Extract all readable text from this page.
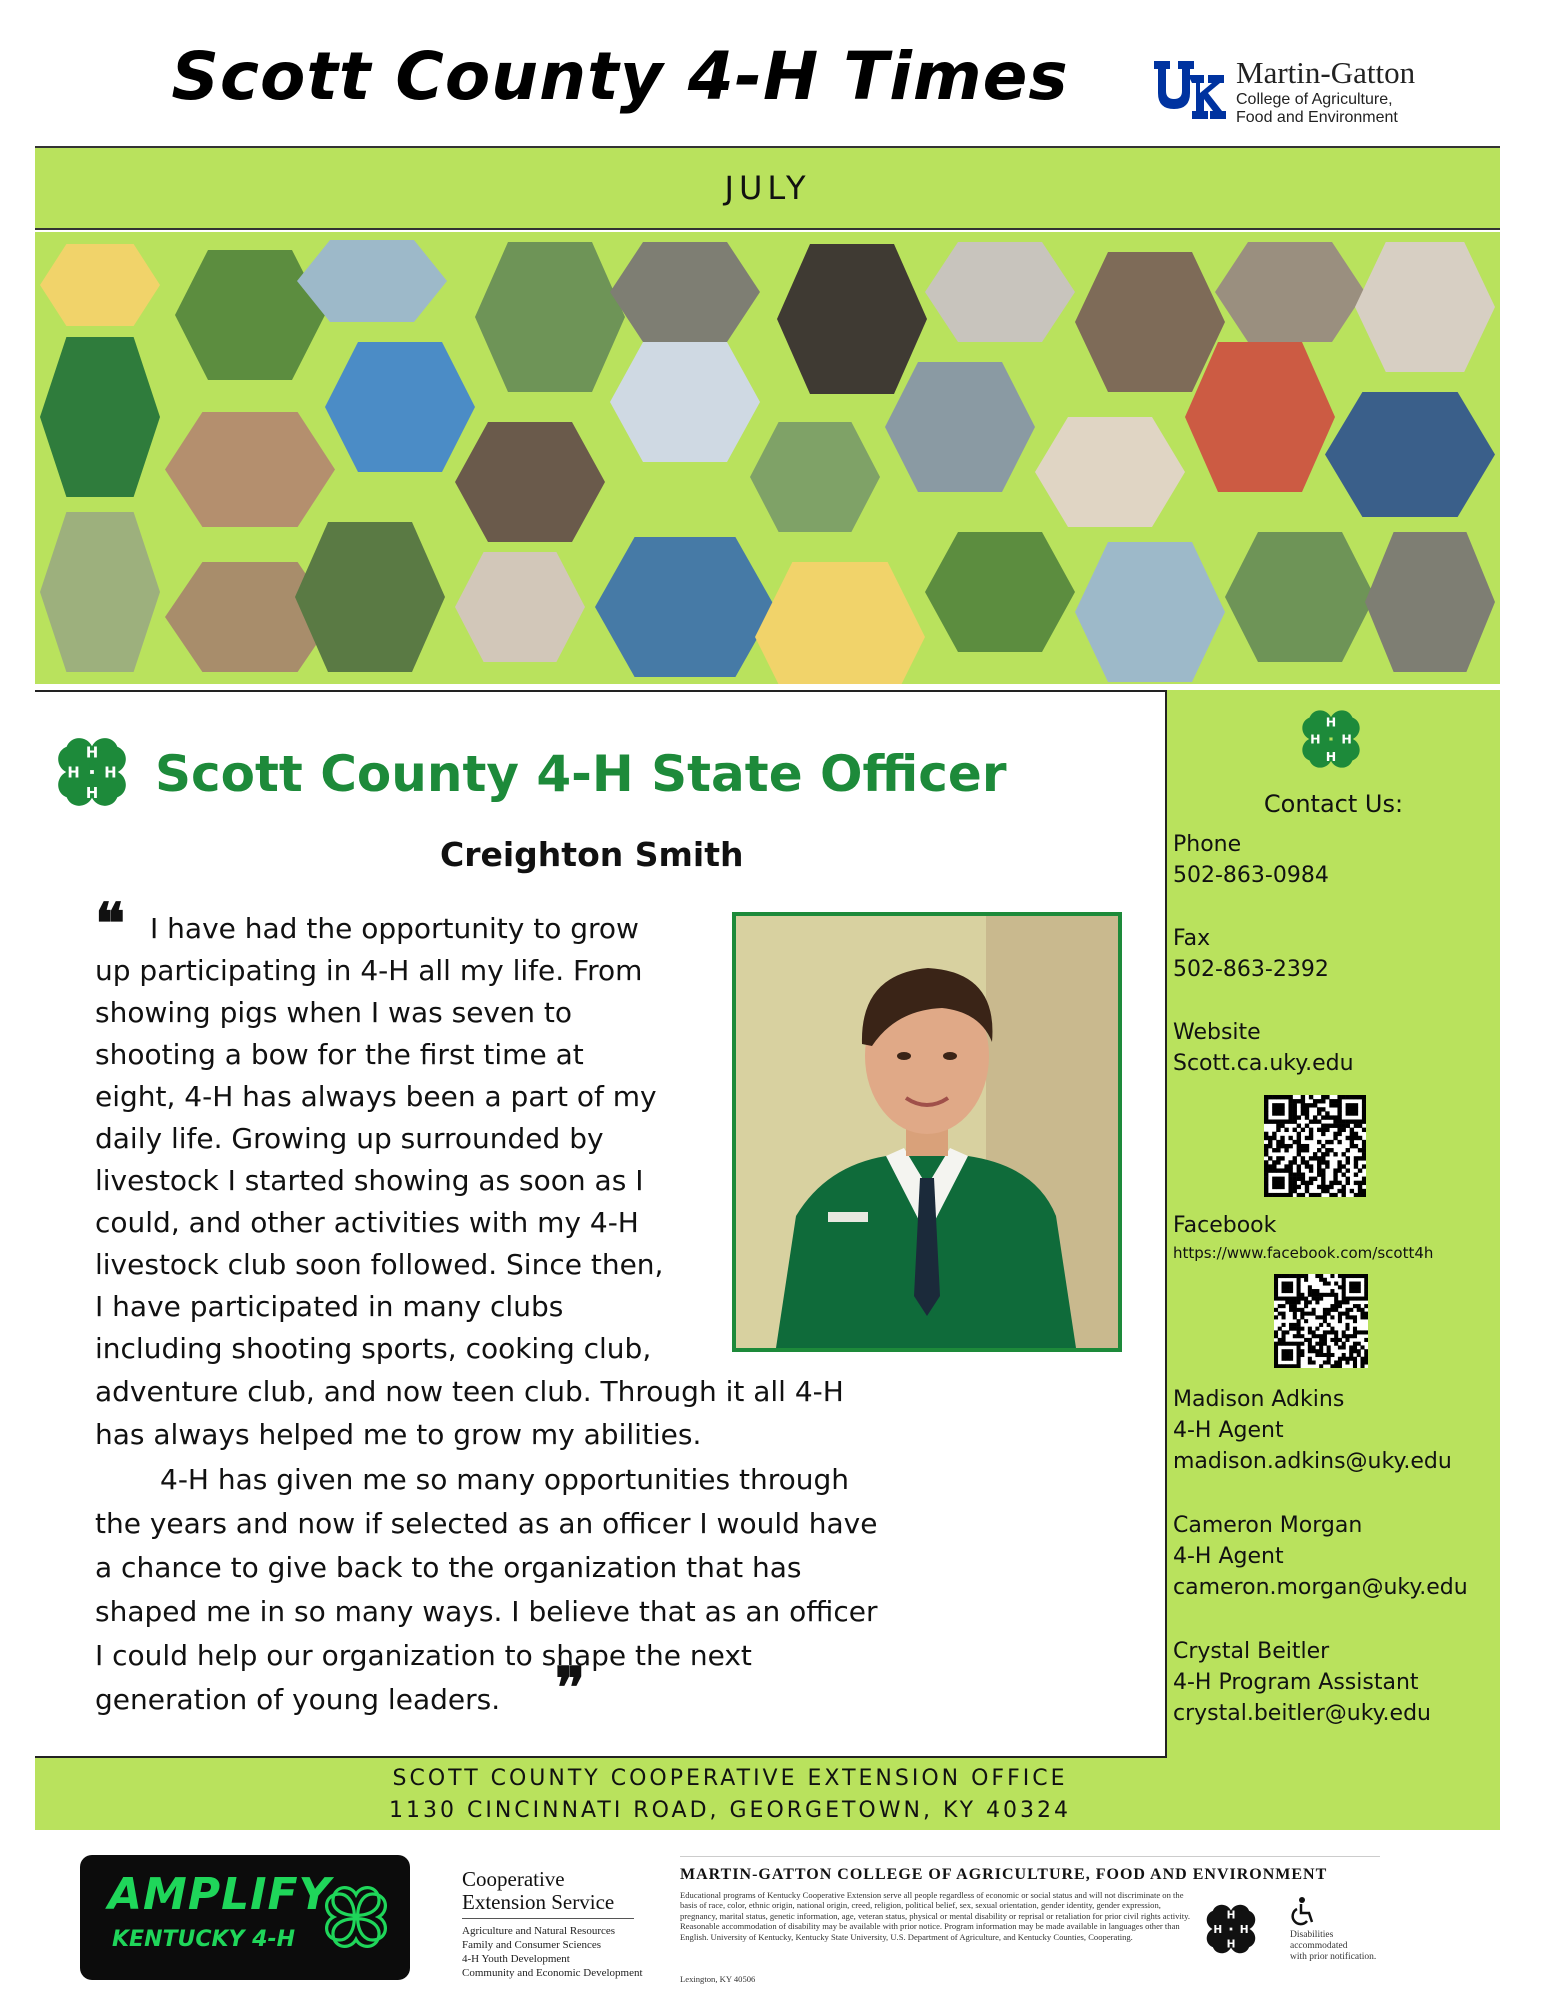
Scott County 4-H Times	Martin-Gatton
College of Agriculture,
Food and Environment
JULY
H
H
H
H Scott County 4-H State Officer
Creighton Smith
❝
❞
I have had the opportunity to grow
up participating in 4-H all my life. From
showing pigs when I was seven to
shooting a bow for the first time at
eight, 4-H has always been a part of my
daily life. Growing up surrounded by
livestock I started showing as soon as I
could, and other activities with my 4-H
livestock club soon followed. Since then,
I have participated in many clubs
including shooting sports, cooking club,
adventure club, and now teen club. Through it all 4-H
has always helped me to grow my abilities.
4-H has given me so many opportunities through
the years and now if selected as an officer I would have
a chance to give back to the organization that has
shaped me in so many ways. I believe that as an officer
I could help our organization to shape the next
generation of young leaders.
H
H
H
H
Contact Us:
Phone
502-863-0984
Fax
502-863-2392
Website
Scott.ca.uky.edu
Facebook
https://www.facebook.com/scott4h
Madison Adkins
4-H Agent
madison.adkins@uky.edu
Cameron Morgan
4-H Agent
cameron.morgan@uky.edu
Crystal Beitler
4-H Program Assistant
crystal.beitler@uky.edu
SCOTT COUNTY COOPERATIVE EXTENSION OFFICE
1130 CINCINNATI ROAD, GEORGETOWN, KY 40324
AMPLIFY
KENTUCKY 4-H
Cooperative
Extension Service
Agriculture and Natural Resources
Family and Consumer Sciences
4-H Youth Development
Community and Economic Development
MARTIN-GATTON COLLEGE OF AGRICULTURE, FOOD AND ENVIRONMENT
Educational programs of Kentucky Cooperative Extension serve all people regardless of economic or social status and will not discriminate on the basis of race, color, ethnic origin, national origin, creed, religion, political belief, sex, sexual orientation, gender identity, gender expression, pregnancy, marital status, genetic information, age, veteran status, physical or mental disability or reprisal or retaliation for prior civil rights activity. Reasonable accommodation of disability may be available with prior notice. Program information may be made available in languages other than English. University of Kentucky, Kentucky State University, U.S. Department of Agriculture, and Kentucky Counties, Cooperating.
Lexington, KY 40506
H
H
H
H	Disabilities
accommodated
with prior notification.
